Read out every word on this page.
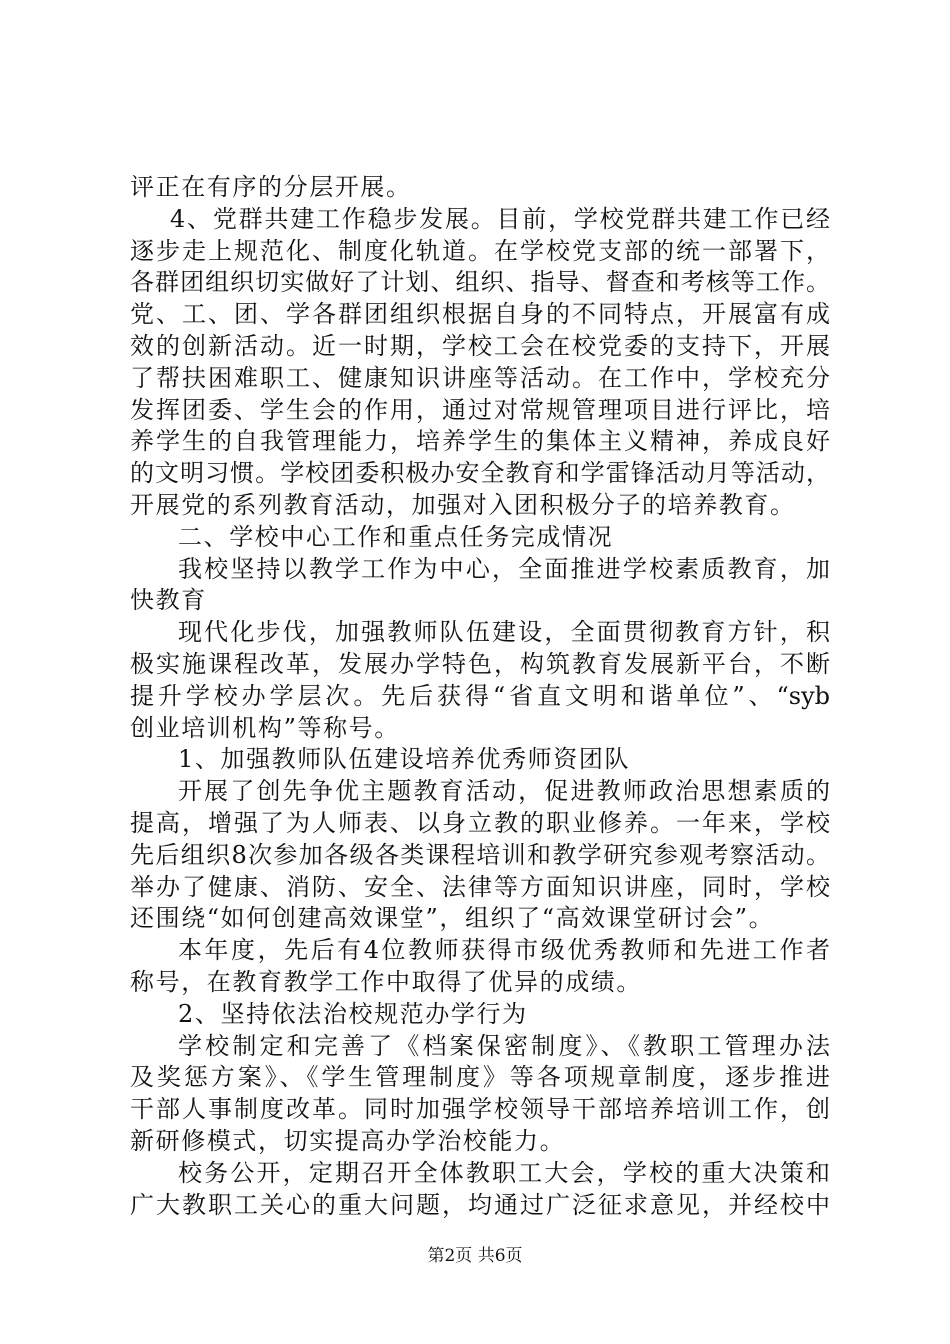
评正在有序的分层开展。
4、党群共建工作稳步发展。目前，学校党群共建工作已经
逐步走上规范化、制度化轨道。在学校党支部的统一部署下，
各群团组织切实做好了计划、组织、指导、督查和考核等工作。
党、工、团、学各群团组织根据自身的不同特点，开展富有成
效的创新活动。近一时期，学校工会在校党委的支持下，开展
了帮扶困难职工、健康知识讲座等活动。在工作中，学校充分
发挥团委、学生会的作用，通过对常规管理项目进行评比，培
养学生的自我管理能力，培养学生的集体主义精神，养成良好
的文明习惯。学校团委积极办安全教育和学雷锋活动月等活动，
开展党的系列教育活动，加强对入团积极分子的培养教育。
二、学校中心工作和重点任务完成情况
我校坚持以教学工作为中心，全面推进学校素质教育，加
快教育
现代化步伐，加强教师队伍建设，全面贯彻教育方针，积
极实施课程改革，发展办学特色，构筑教育发展新平台，不断
提升学校办学层次。先后获得“省直文明和谐单位”、“syb
创业培训机构”等称号。
1、加强教师队伍建设培养优秀师资团队
开展了创先争优主题教育活动，促进教师政治思想素质的
提高，增强了为人师表、以身立教的职业修养。一年来，学校
先后组织8次参加各级各类课程培训和教学研究参观考察活动。
举办了健康、消防、安全、法律等方面知识讲座，同时，学校
还围绕“如何创建高效课堂”，组织了“高效课堂研讨会”。
本年度，先后有4位教师获得市级优秀教师和先进工作者
称号，在教育教学工作中取得了优异的成绩。
2、坚持依法治校规范办学行为
学校制定和完善了《档案保密制度》、《教职工管理办法
及奖惩方案》、《学生管理制度》等各项规章制度，逐步推进
干部人事制度改革。同时加强学校领导干部培养培训工作，创
新研修模式，切实提高办学治校能力。
校务公开，定期召开全体教职工大会，学校的重大决策和
广大教职工关心的重大问题，均通过广泛征求意见，并经校中
第2页 共6页
